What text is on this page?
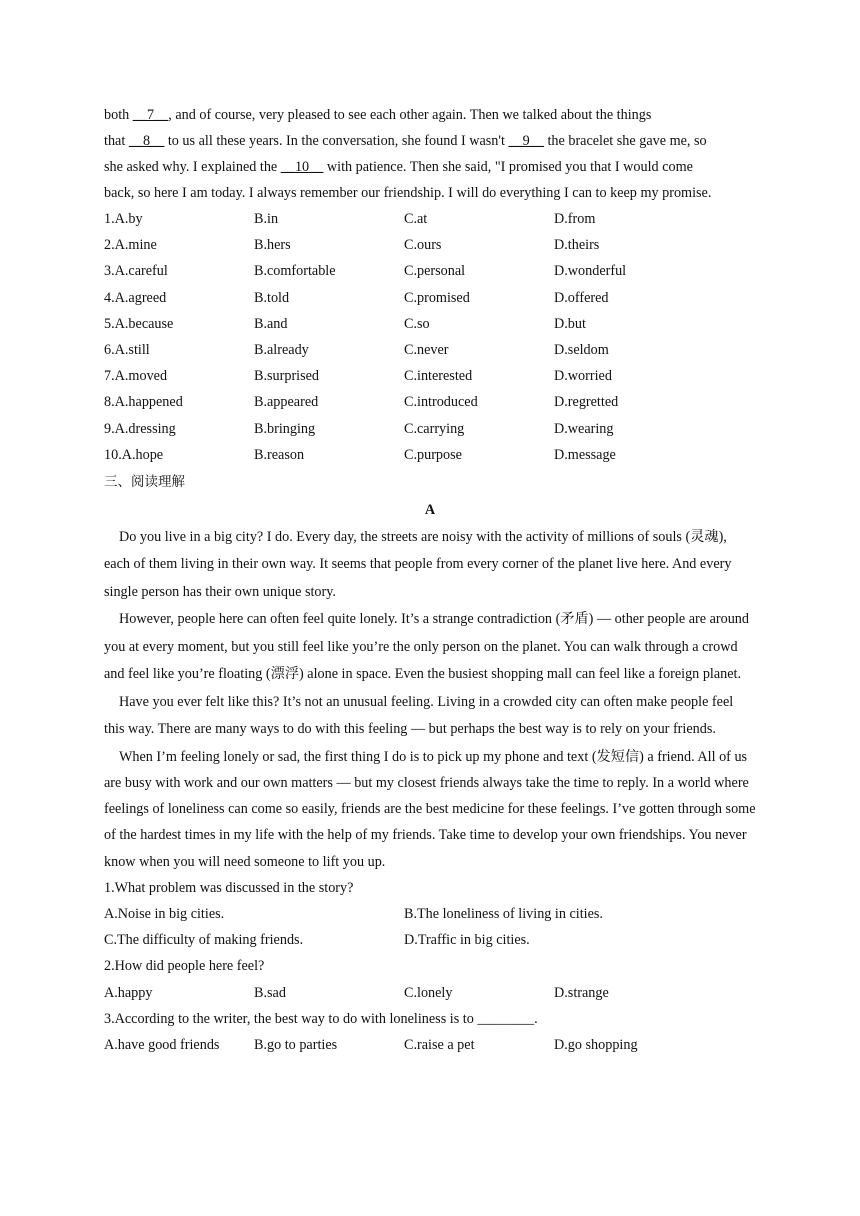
both __7__, and of course, very pleased to see each other again. Then we talked about the things
that __8__ to us all these years. In the conversation, she found I wasn't __9__ the bracelet she gave me, so
she asked why. I explained the __10__ with patience. Then she said, "I promised you that I would come
back, so here I am today. I always remember our friendship. I will do everything I can to keep my promise.
1.A.by	B.in	C.at	D.from
2.A.mine	B.hers	C.ours	D.theirs
3.A.careful	B.comfortable	C.personal	D.wonderful
4.A.agreed	B.told	C.promised	D.offered
5.A.because	B.and	C.so	D.but
6.A.still	B.already	C.never	D.seldom
7.A.moved	B.surprised	C.interested	D.worried
8.A.happened	B.appeared	C.introduced	D.regretted
9.A.dressing	B.bringing	C.carrying	D.wearing
10.A.hope	B.reason	C.purpose	D.message
三、阅读理解
A

Do you live in a big city? I do. Every day, the streets are noisy with the activity of millions of souls (灵魂), each of them living in their own way. It seems that people from every corner of the planet live here. And every single person has their own unique story.

However, people here can often feel quite lonely. It’s a strange contradiction (矛盾) — other people are around you at every moment, but you still feel like you’re the only person on the planet. You can walk through a crowd and feel like you’re floating (漂浮) alone in space. Even the busiest shopping mall can feel like a foreign planet.

Have you ever felt like this? It’s not an unusual feeling. Living in a crowded city can often make people feel this way. There are many ways to do with this feeling — but perhaps the best way is to rely on your friends.

When I’m feeling lonely or sad, the first thing I do is to pick up my phone and text (发短信) a friend. All of us are busy with work and our own matters — but my closest friends always take the time to reply. In a world where feelings of loneliness can come so easily, friends are the best medicine for these feelings. I’ve gotten through some of the hardest times in my life with the help of my friends. Take time to develop your own friendships. You never know when you will need someone to lift you up.

1.What problem was discussed in the story?
A.Noise in big cities.	B.The loneliness of living in cities.
C.The difficulty of making friends.	D.Traffic in big cities.
2.How did people here feel?
A.happy	B.sad	C.lonely	D.strange
3.According to the writer, the best way to do with loneliness is to ________.
A.have good friends	B.go to parties	C.raise a pet	D.go shopping
